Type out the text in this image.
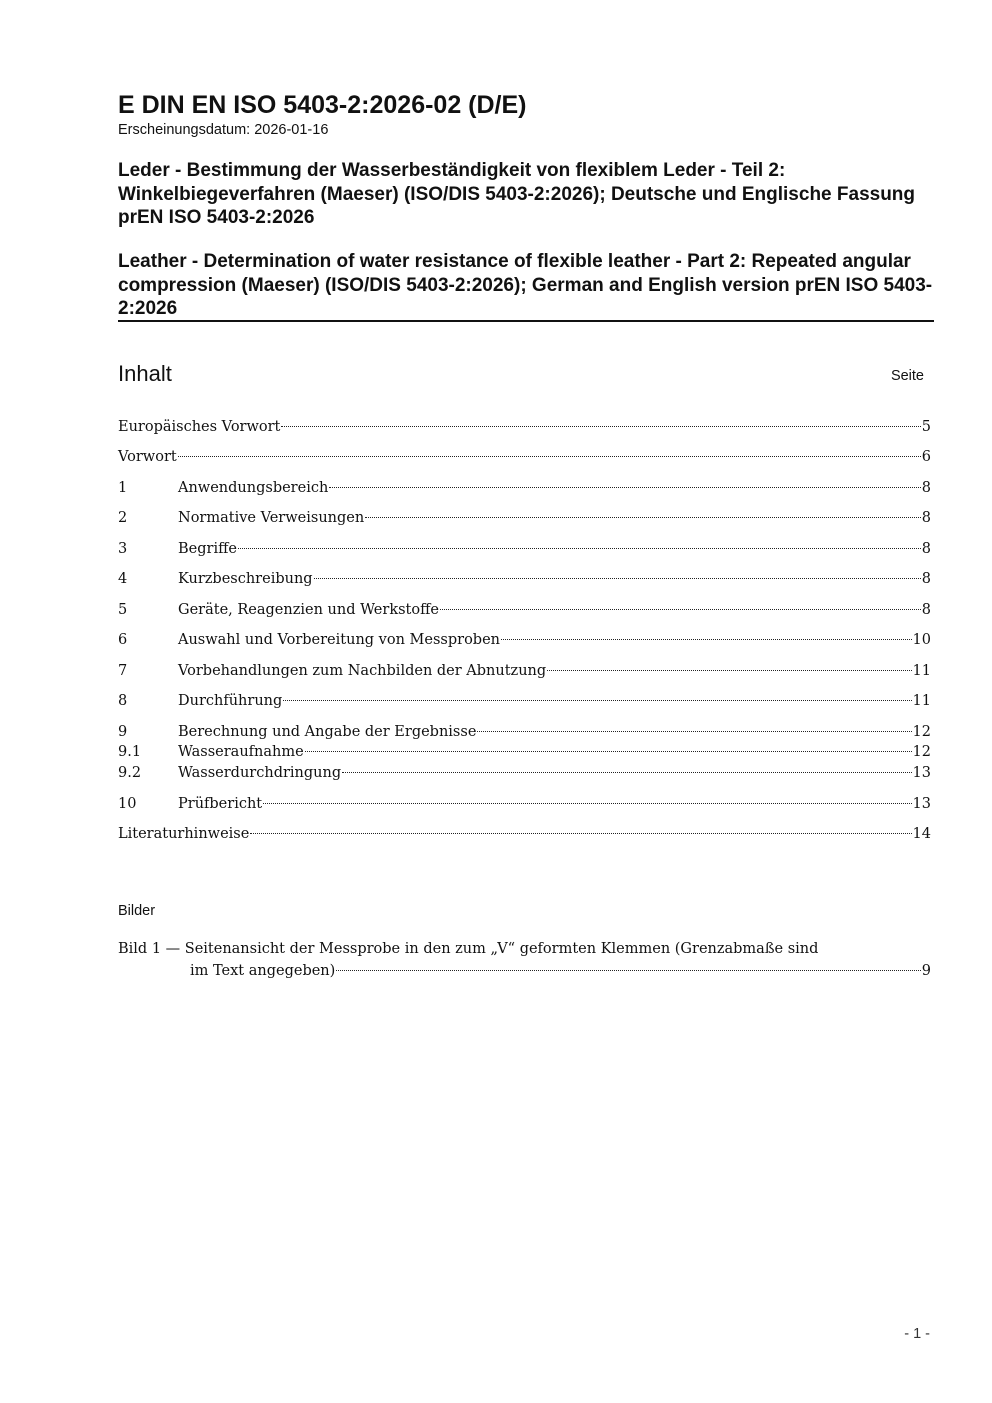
E DIN EN ISO 5403-2:2026-02 (D/E)
Erscheinungsdatum: 2026-01-16
Leder - Bestimmung der Wasserbeständigkeit von flexiblem Leder - Teil 2: Winkelbiegeverfahren (Maeser) (ISO/DIS 5403-2:2026); Deutsche und Englische Fassung prEN ISO 5403-2:2026
Leather - Determination of water resistance of flexible leather - Part 2: Repeated angular compression (Maeser) (ISO/DIS 5403-2:2026); German and English version prEN ISO 5403-2:2026
Inhalt	Seite
Europäisches Vorwort	5
Vorwort	6
1	Anwendungsbereich	8
2	Normative Verweisungen	8
3	Begriffe	8
4	Kurzbeschreibung	8
5	Geräte, Reagenzien und Werkstoffe	8
6	Auswahl und Vorbereitung von Messproben	10
7	Vorbehandlungen zum Nachbilden der Abnutzung	11
8	Durchführung	11
9	Berechnung und Angabe der Ergebnisse	12
9.1	Wasseraufnahme	12
9.2	Wasserdurchdringung	13
10	Prüfbericht	13
Literaturhinweise	14
Bilder
Bild 1 — Seitenansicht der Messprobe in den zum „V“ geformten Klemmen (Grenzabmaße sind
im Text angegeben)	9
- 1 -
